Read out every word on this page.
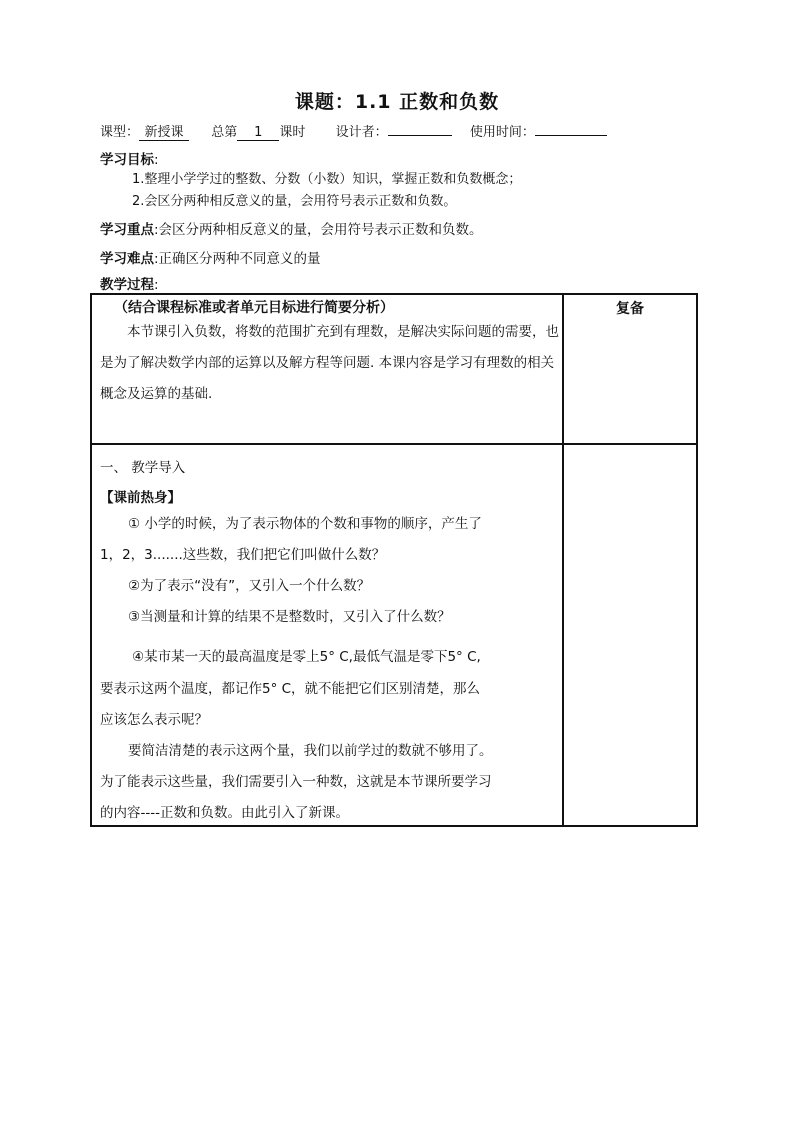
课题：1.1 正数和负数
课型： 新授课 总第 1 课时 设计者：	使用时间：
学习目标:
1.整理小学学过的整数、分数（小数）知识，掌握正数和负数概念；
2.会区分两种相反意义的量，会用符号表示正数和负数。
学习重点:会区分两种相反意义的量，会用符号表示正数和负数。
学习难点:正确区分两种不同意义的量
教学过程:
（结合课程标准或者单元目标进行简要分析）
本节课引入负数，将数的范围扩充到有理数，是解决实际问题的需要，也是为了解决数学内部的运算以及解方程等问题. 本课内容是学习有理数的相关概念及运算的基础.
复备
一、 教学导入
【课前热身】
① 小学的时候，为了表示物体的个数和事物的顺序，产生了
1，2，3.......这些数，我们把它们叫做什么数？
②为了表示“没有”，又引入一个什么数？
③当测量和计算的结果不是整数时，又引入了什么数？
④某市某一天的最高温度是零上5° C,最低气温是零下5° C,
要表示这两个温度，都记作5° C，就不能把它们区别清楚，那么
应该怎么表示呢？
要简洁清楚的表示这两个量，我们以前学过的数就不够用了。
为了能表示这些量，我们需要引入一种数，这就是本节课所要学习
的内容----正数和负数。由此引入了新课。
